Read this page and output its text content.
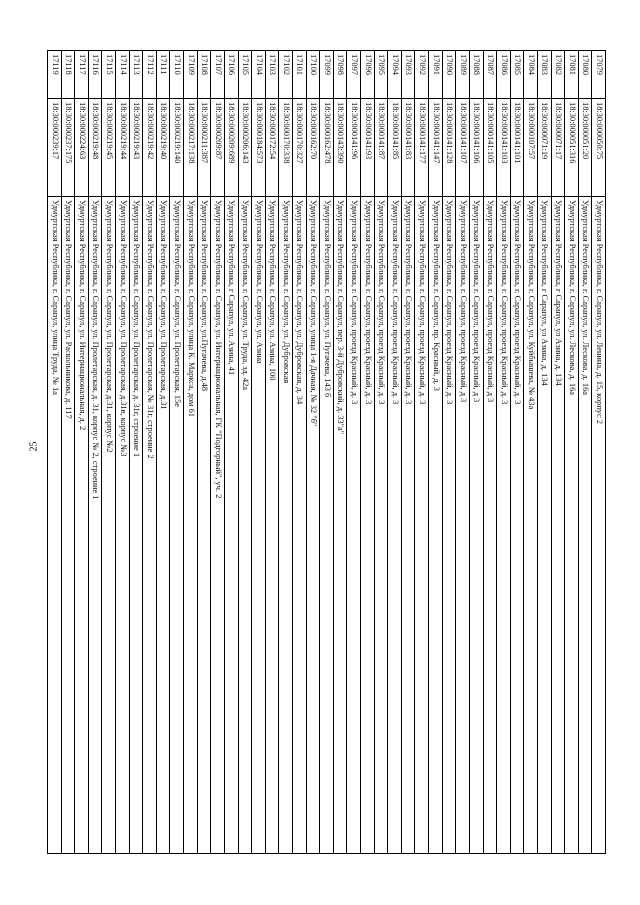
25
17079
18:30:000050:75
Удмуртская Республика, г. Сарапул, ул. Ленина, д. 15, корпус 2
17080
18:30:000051:20
Удмуртская Республика, г. Сарапул, ул. Лескова, д. 16а
17081
18:30:000051:316
Удмуртская Республика, г. Сарапул, ул. Лескова, д. 16а
17082
18:30:000071:17
Удмуртская Республика, г Сарапул, ул Азина, д. 134
17083
18:30:000071:19
Удмуртская Республика, г Сарапул, ул Азина, д. 134
17084
18:30:000107:57
Удмуртская Республика, г. Сарапул, ул. Куйбышева, № 43а
17085
18:30:000141:101
Удмуртская Республика, г. Сарапул, проезд Красный, д. 3
17086
18:30:000141:103
Удмуртская Республика, г. Сарапул, проезд Красный, д. 3
17087
18:30:000141:105
Удмуртская Республика, г. Сарапул, проезд Красный, д 3
17088
18:30:000141:106
Удмуртская Республика, г. Сарапул, проезд Красный, д 3
17089
18:30:000141:107
Удмуртская Республика, г. Сарапул, проезд Красный, д 3
17090
18:30:000141:128
Удмуртская Республика, г. Сарапул, проезд Красный, д. 3
17091
18:30:000141:147
Удмуртская Республика, г. Сарапул, пр. Красный, д. 3
17092
18:30:000141:177
Удмуртская Республика, г. Сарапул, проезд Красный, д. 3
17093
18:30:000141:83
Удмуртская Республика, г. Сарапул, проезд Красный, д. 3
17094
18:30:000141:85
Удмуртская Республика, г. Сарапул, проезд Красный, д. 3
17095
18:30:000141:87
Удмуртская Республика, г. Сарапул, проезд Красный, д. 3
17096
18:30:000141:93
Удмуртская Республика, г. Сарапул, проезд Красный, д. 3
17097
18:30:000141:96
Удмуртская Республика, г. Сарапул, проезд Красный, д. 3
17098
18:30:000143:390
Удмуртская Республика, г. Сарапул, пер. 3-й Дубровский, д. 33"а"
17099
18:30:000162:478
Удмуртская Республика, г. Сарапул, ул. Пугачева, 143 б
17100
18:30:000162:70
Удмуртская Республика, г. Сарапул, улица 1-я Дачная, № 32 "б"
17101
18:30:000170:327
Удмуртская Республика, г. Сарапул, ул. Дубровская, д. 34
17102
18:30:000170:338
Удмуртская Республика, г. Сарапул, ул. Дубровская
17103
18:30:000172:54
Удмуртская Республика, г. Сарапул, ул. Азина, 100
17104
18:30:000184:573
Удмуртская Республика, г. Сарапул, ул. Азина
17105
18:30:000206:143
Удмуртская Республика, г. Сарапул, ул. Труда, зд. 42а
17106
18:30:000209:689
Удмуртская Республика, г Сарапул, ул. Азина, 41
17107
18:30:000209:87
Удмуртская Республика, г. Сарапул, ул. Интернациональная, ГК "Подгорный", уч. 2
17108
18:30:000211:387
Удмуртская Республика, г. Сарапул, ул.Пугачева, д.48
17109
18:30:000217:138
Удмуртская Республика, г. Сарапул, улица К. Маркса, дом 61
17110
18:30:000219:140
Удмуртская Республика, г. Сарапул, ул. Пролетарская, 15е
17111
18:30:000219:40
Удмуртская Республика, г. Сарапул, ул. Пролетарская, д.31
17112
18:30:000219:42
Удмуртская Республика, г. Сарапул, ул. Пролетарская, № 31г, строение 2
17113
18:30:000219:43
Удмуртская Республика, г. Сарапул, ул. Пролетарская, д. 31г, строение 1
17114
18:30:000219:44
Удмуртская Республика, г. Сарапул, ул. Пролетарская, д.31в, корпус №3
17115
18:30:000219:45
Удмуртская Республика, г. Сарапул, ул. Пролетарская, д.31, корпус №2
17116
18:30:000219:48
Удмуртская Республика, г. Сарапул, ул. Пролетарская, д. 31, корпус № 2, строение 1
17117
18:30:000224:63
Удмуртская Республика, г. Сарапул, ул. Интернациональная, д. 2
17118
18:30:000237:175
Удмуртская Республика, г. Сарапул, ул. Раскольникова, д. 117
17119
18:30:000239:17
Удмуртская Республика, г. Сарапул, улица Труда, № 1а
